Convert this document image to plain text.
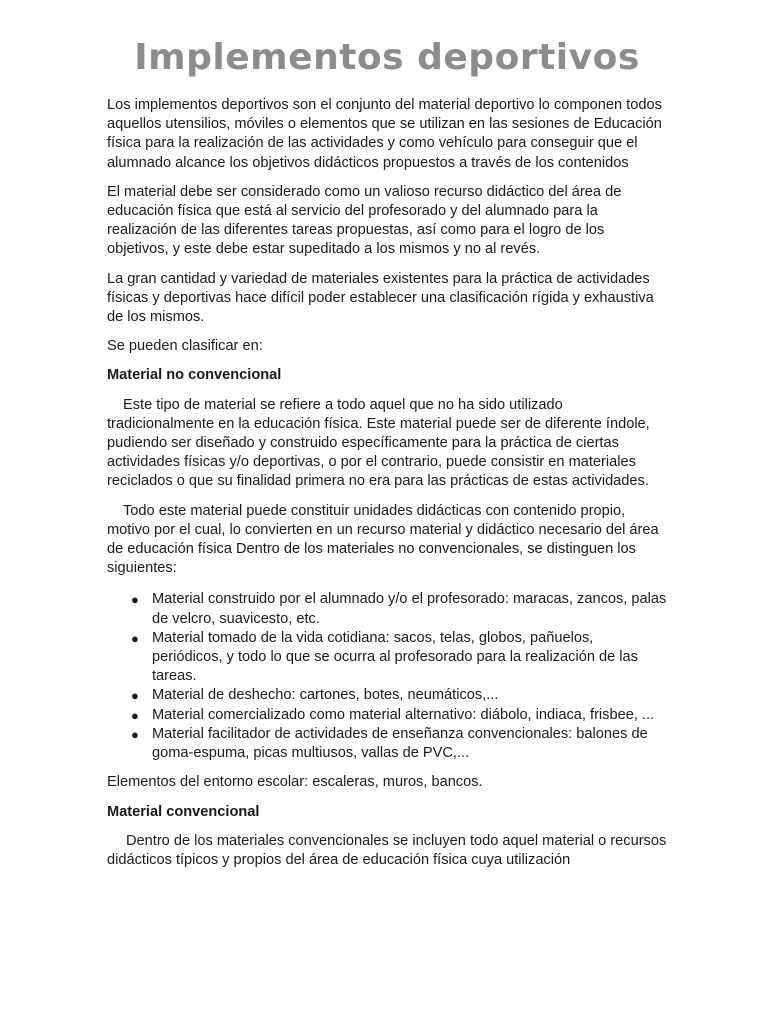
Implementos deportivos

Los implementos deportivos son el conjunto del material deportivo lo componen todos aquellos utensilios, móviles o elementos que se utilizan en las sesiones de Educación física para la realización de las actividades y como vehículo para conseguir que el alumnado alcance los objetivos didácticos propuestos a través de los contenidos

El material debe ser considerado como un valioso recurso didáctico del área de educación física que está al servicio del profesorado y del alumnado para la realización de las diferentes tareas propuestas, así como para el logro de los objetivos, y este debe estar supeditado a los mismos y no al revés.

La gran cantidad y variedad de materiales existentes para la práctica de actividades físicas y deportivas hace difícil poder establecer una clasificación rígida y exhaustiva de los mismos.

Se pueden clasificar en:

Material no convencional

Este tipo de material se refiere a todo aquel que no ha sido utilizado tradicionalmente en la educación física. Este material puede ser de diferente índole, pudiendo ser diseñado y construido específicamente para la práctica de ciertas actividades físicas y/o deportivas, o por el contrario, puede consistir en materiales reciclados o que su finalidad primera no era para las prácticas de estas actividades.

Todo este material puede constituir unidades didácticas con contenido propio, motivo por el cual, lo convierten en un recurso material y didáctico necesario del área de educación física Dentro de los materiales no convencionales, se distinguen los siguientes:

● Material construido por el alumnado y/o el profesorado: maracas, zancos, palas de velcro, suavicesto, etc.
● Material tomado de la vida cotidiana: sacos, telas, globos, pañuelos, periódicos, y todo lo que se ocurra al profesorado para la realización de las tareas.
● Material de deshecho: cartones, botes, neumáticos,...
● Material comercializado como material alternativo: diábolo, indiaca, frisbee, ...
● Material facilitador de actividades de enseñanza convencionales: balones de goma-espuma, picas multiusos, vallas de PVC,...

Elementos del entorno escolar: escaleras, muros, bancos.

Material convencional

Dentro de los materiales convencionales se incluyen todo aquel material o recursos didácticos típicos y propios del área de educación física cuya utilización
